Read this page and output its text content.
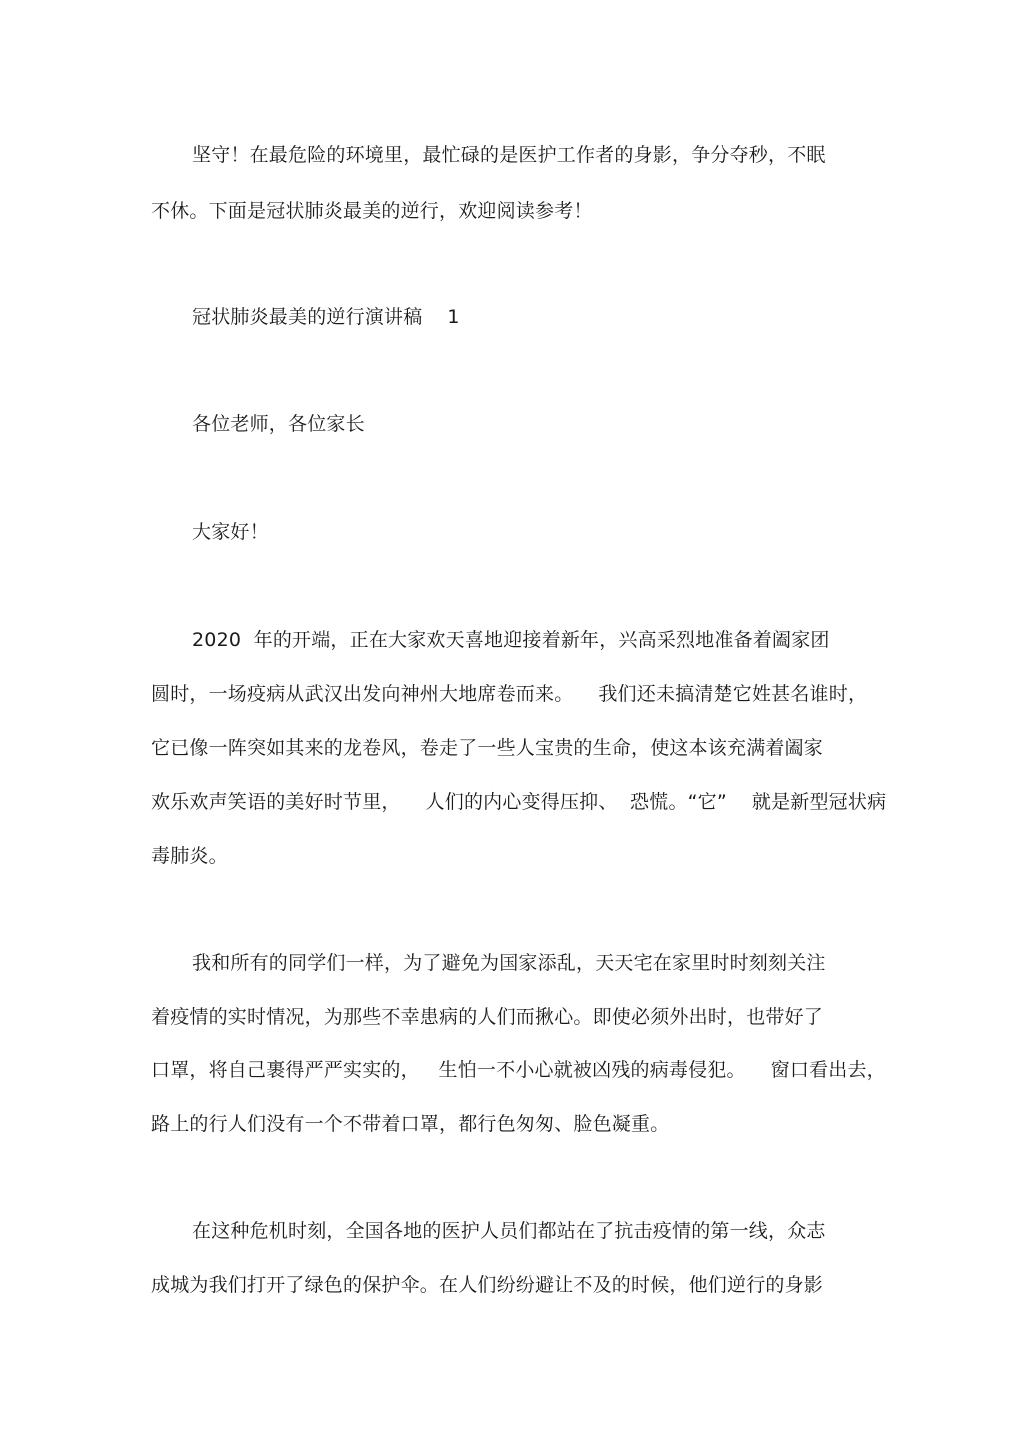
坚守！在最危险的环境里，最忙碌的是医护工作者的身影，争分夺秒，不眠
不休。下面是冠状肺炎最美的逆行，欢迎阅读参考！
冠状肺炎最美的逆行演讲稿    1
各位老师，各位家长
大家好！
2020  年的开端，正在大家欢天喜地迎接着新年，兴高采烈地准备着阖家团
圆时，一场疫病从武汉出发向神州大地席卷而来。    我们还未搞清楚它姓甚名谁时，
它已像一阵突如其来的龙卷风，卷走了一些人宝贵的生命，使这本该充满着阖家
欢乐欢声笑语的美好时节里，    人们的内心变得压抑、  恐慌。“它”    就是新型冠状病
毒肺炎。
我和所有的同学们一样，为了避免为国家添乱，天天宅在家里时时刻刻关注
着疫情的实时情况，为那些不幸患病的人们而揪心。即使必须外出时，也带好了
口罩，将自己裹得严严实实的，   生怕一不小心就被凶残的病毒侵犯。    窗口看出去，
路上的行人们没有一个不带着口罩，都行色匆匆、脸色凝重。
在这种危机时刻，全国各地的医护人员们都站在了抗击疫情的第一线，众志
成城为我们打开了绿色的保护伞。在人们纷纷避让不及的时候，他们逆行的身影
